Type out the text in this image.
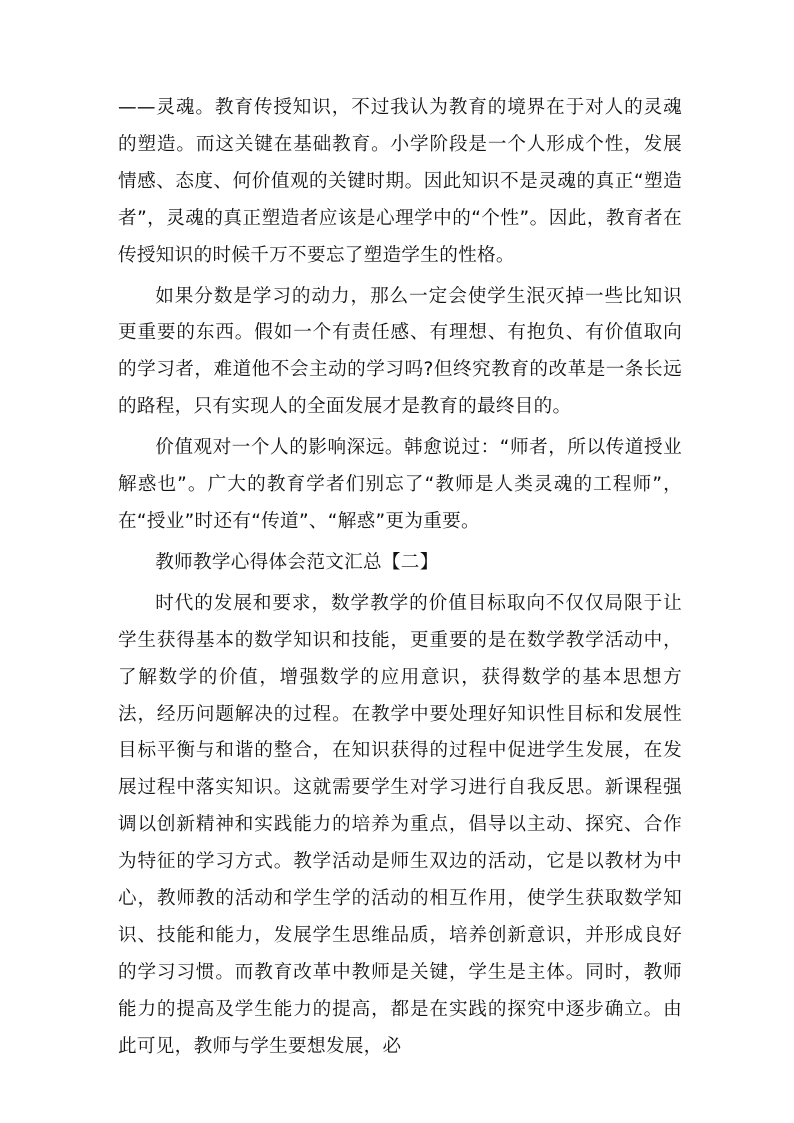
——灵魂。教育传授知识，不过我认为教育的境界在于对人的灵魂的塑造。而这关键在基础教育。小学阶段是一个人形成个性，发展情感、态度、何价值观的关键时期。因此知识不是灵魂的真正“塑造者”，灵魂的真正塑造者应该是心理学中的“个性”。因此，教育者在传授知识的时候千万不要忘了塑造学生的性格。

如果分数是学习的动力，那么一定会使学生泯灭掉一些比知识更重要的东西。假如一个有责任感、有理想、有抱负、有价值取向的学习者，难道他不会主动的学习吗?但终究教育的改革是一条长远的路程，只有实现人的全面发展才是教育的最终目的。

价值观对一个人的影响深远。韩愈说过：“师者，所以传道授业解惑也”。广大的教育学者们别忘了“教师是人类灵魂的工程师”，在“授业”时还有“传道”、“解惑”更为重要。

教师教学心得体会范文汇总【二】

时代的发展和要求，数学教学的价值目标取向不仅仅局限于让学生获得基本的数学知识和技能，更重要的是在数学教学活动中，了解数学的价值，增强数学的应用意识，获得数学的基本思想方法，经历问题解决的过程。在教学中要处理好知识性目标和发展性目标平衡与和谐的整合，在知识获得的过程中促进学生发展，在发展过程中落实知识。这就需要学生对学习进行自我反思。新课程强调以创新精神和实践能力的培养为重点，倡导以主动、探究、合作为特征的学习方式。教学活动是师生双边的活动，它是以教材为中心，教师教的活动和学生学的活动的相互作用，使学生获取数学知识、技能和能力，发展学生思维品质，培养创新意识，并形成良好的学习习惯。而教育改革中教师是关键，学生是主体。同时，教师能力的提高及学生能力的提高，都是在实践的探究中逐步确立。由此可见，教师与学生要想发展，必
